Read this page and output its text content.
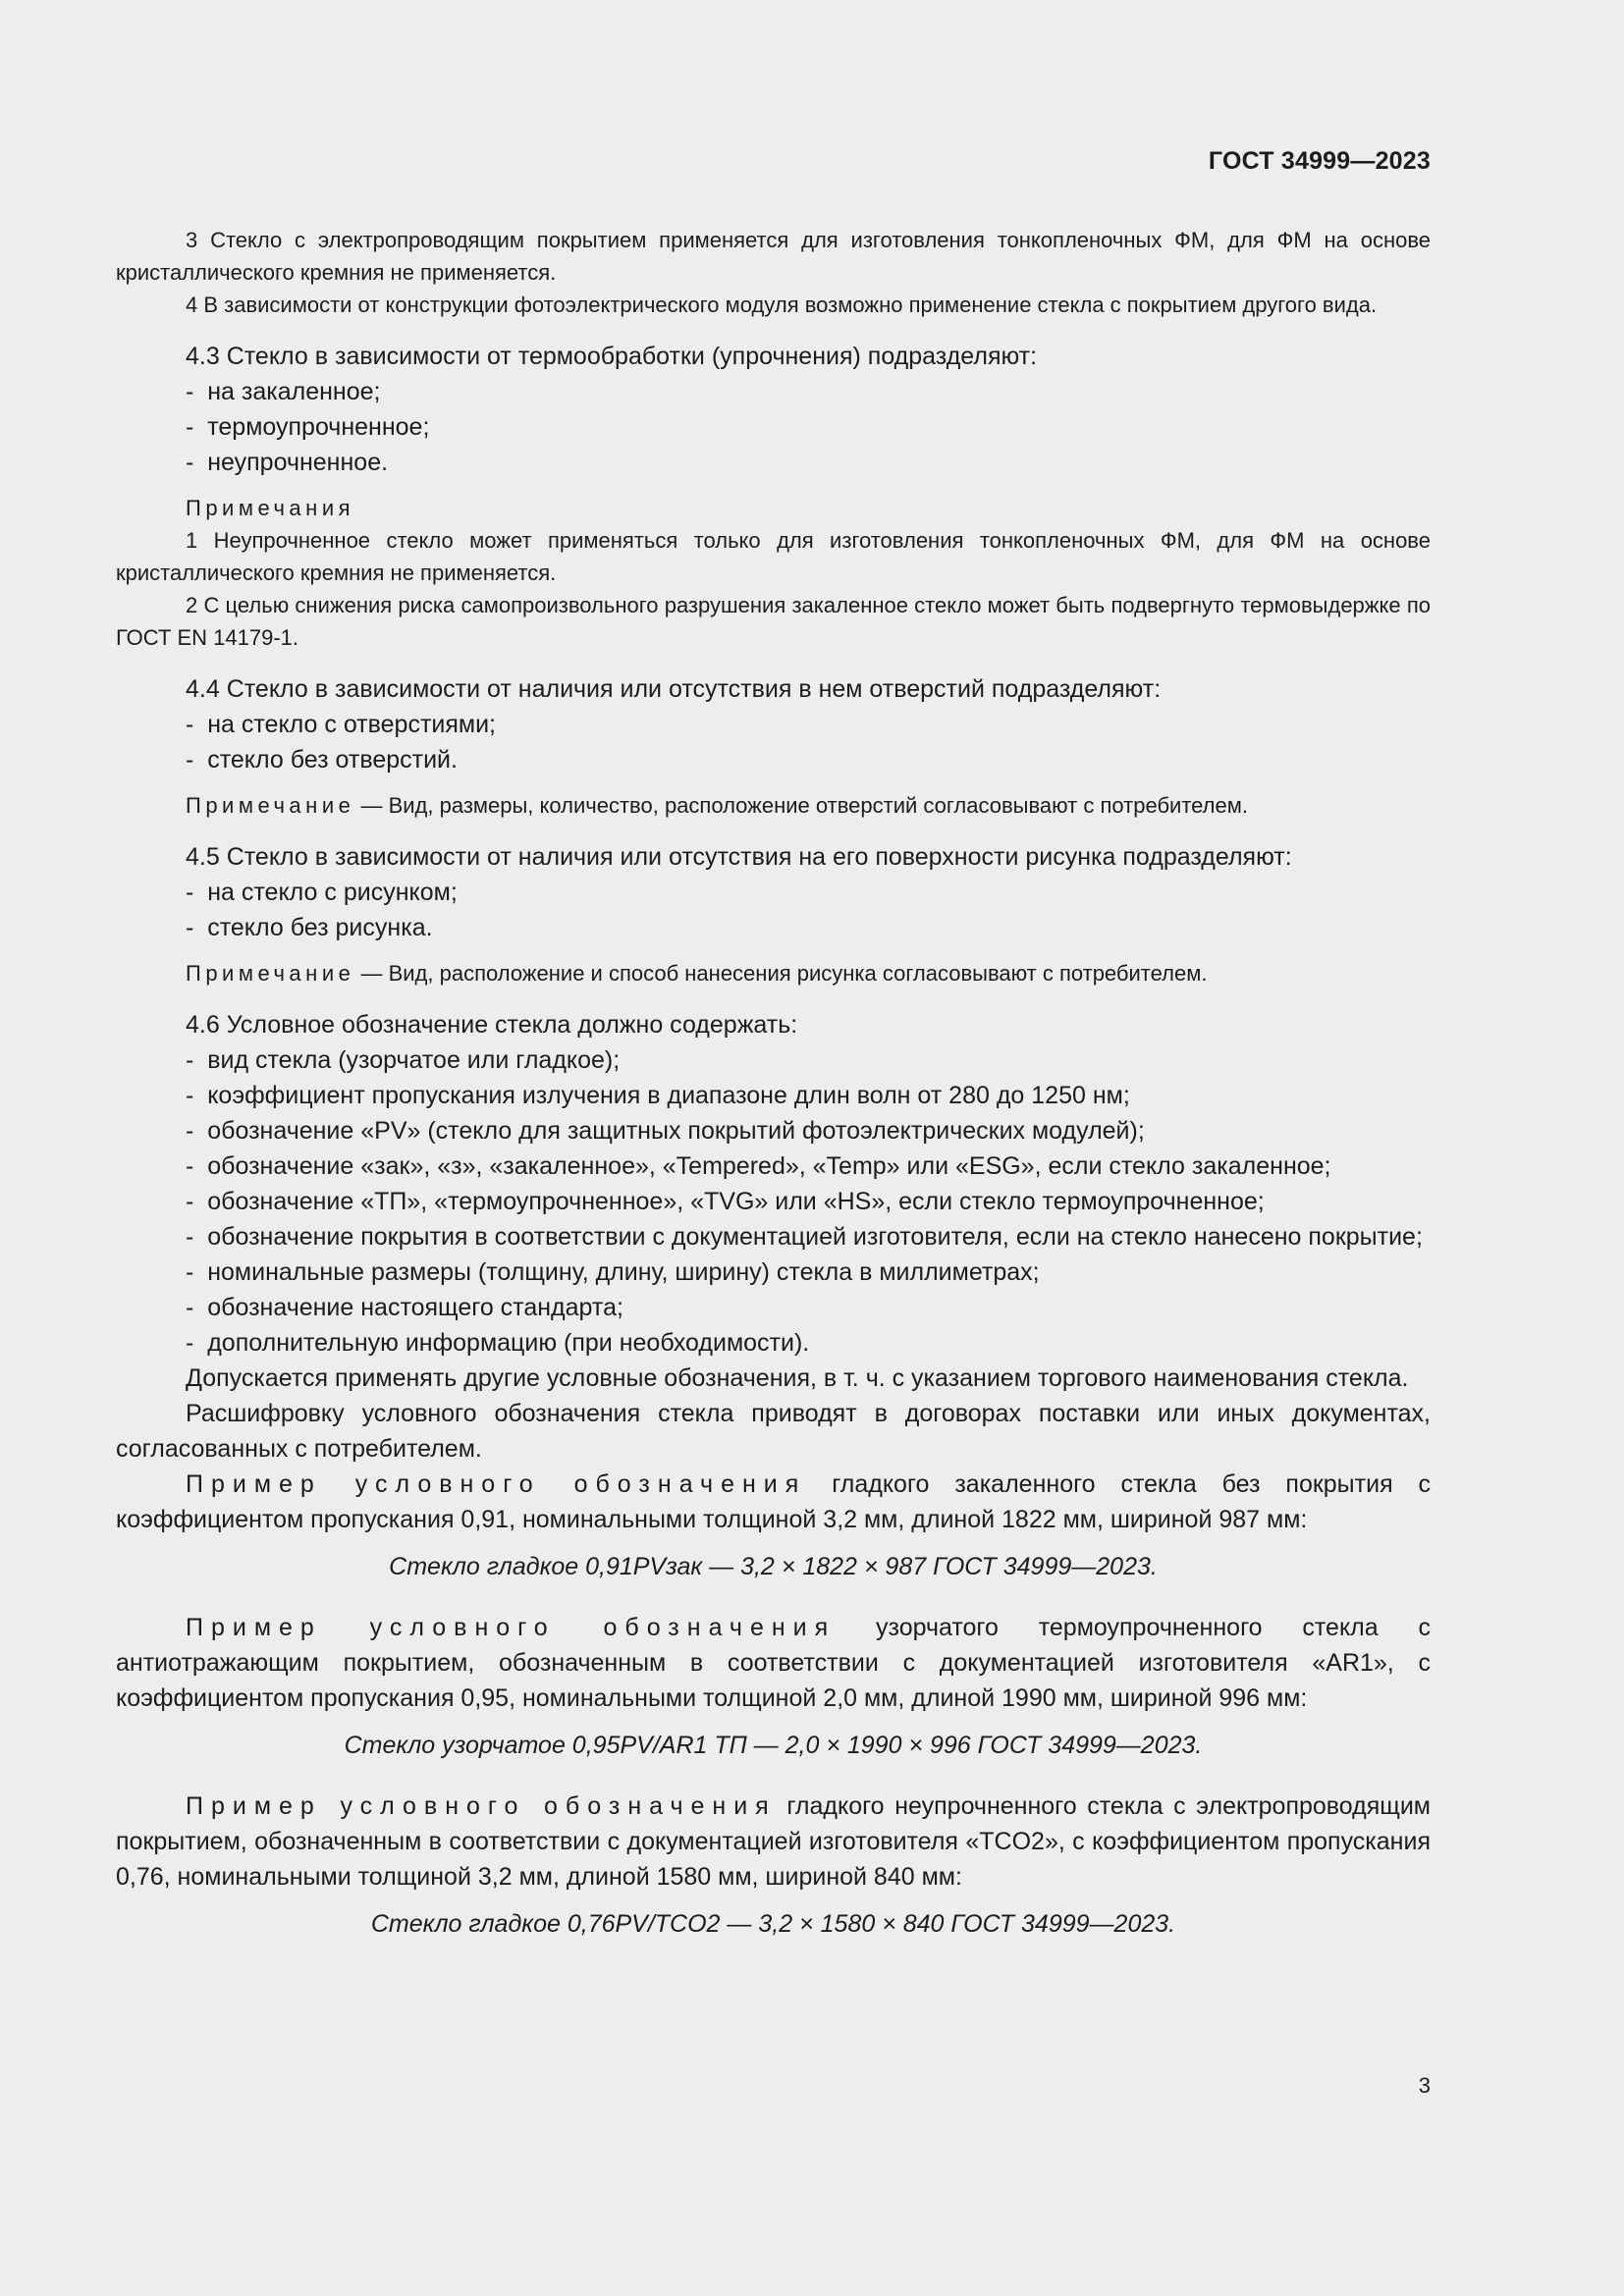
ГОСТ 34999—2023

3 Стекло с электропроводящим покрытием применяется для изготовления тонкопленочных ФМ, для ФМ на основе кристаллического кремния не применяется.

4 В зависимости от конструкции фотоэлектрического модуля возможно применение стекла с покрытием другого вида.

4.3 Стекло в зависимости от термообработки (упрочнения) подразделяют:

-  на закаленное;

-  термоупрочненное;

-  неупрочненное.

Примечания

1 Неупрочненное стекло может применяться только для изготовления тонкопленочных ФМ, для ФМ на основе кристаллического кремния не применяется.

2 С целью снижения риска самопроизвольного разрушения закаленное стекло может быть подвергнуто термовыдержке по ГОСТ EN 14179-1.

4.4 Стекло в зависимости от наличия или отсутствия в нем отверстий подразделяют:

-  на стекло с отверстиями;

-  стекло без отверстий.

Примечание — Вид, размеры, количество, расположение отверстий согласовывают с потребителем.

4.5 Стекло в зависимости от наличия или отсутствия на его поверхности рисунка подразделяют:

-  на стекло с рисунком;

-  стекло без рисунка.

Примечание — Вид, расположение и способ нанесения рисунка согласовывают с потребителем.

4.6 Условное обозначение стекла должно содержать:

-  вид стекла (узорчатое или гладкое);

-  коэффициент пропускания излучения в диапазоне длин волн от 280 до 1250 нм;

-  обозначение «PV» (стекло для защитных покрытий фотоэлектрических модулей);

-  обозначение «зак», «з», «закаленное», «Tempered», «Temp» или «ESG», если стекло закаленное;

-  обозначение «ТП», «термоупрочненное», «TVG» или «HS», если стекло термоупрочненное;

-  обозначение покрытия в соответствии с документацией изготовителя, если на стекло нанесено покрытие;

-  номинальные размеры (толщину, длину, ширину) стекла в миллиметрах;

-  обозначение настоящего стандарта;

-  дополнительную информацию (при необходимости).

Допускается применять другие условные обозначения, в т. ч. с указанием торгового наименования стекла.

Расшифровку условного обозначения стекла приводят в договорах поставки или иных документах, согласованных с потребителем.

Пример условного обозначения гладкого закаленного стекла без покрытия с коэффициентом пропускания 0,91, номинальными толщиной 3,2 мм, длиной 1822 мм, шириной 987 мм:

Стекло гладкое 0,91PVзак — 3,2 × 1822 × 987 ГОСТ 34999—2023.

Пример условного обозначения узорчатого термоупрочненного стекла с антиотражающим покрытием, обозначенным в соответствии с документацией изготовителя «AR1», с коэффициентом пропускания 0,95, номинальными толщиной 2,0 мм, длиной 1990 мм, шириной 996 мм:

Стекло узорчатое 0,95PV/AR1 ТП — 2,0 × 1990 × 996 ГОСТ 34999—2023.

Пример условного обозначения гладкого неупрочненного стекла с электропроводящим покрытием, обозначенным в соответствии с документацией изготовителя «TCO2», с коэффициентом пропускания 0,76, номинальными толщиной 3,2 мм, длиной 1580 мм, шириной 840 мм:

Стекло гладкое 0,76PV/TCO2 — 3,2 × 1580 × 840 ГОСТ 34999—2023.

3
